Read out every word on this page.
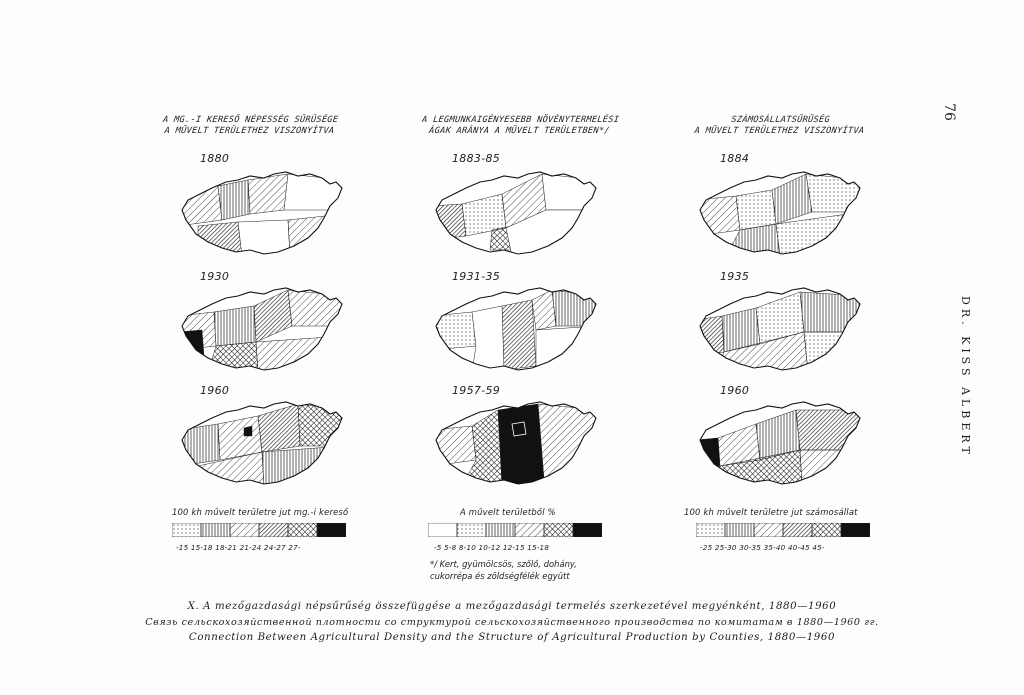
A MG.-I KERESŐ NÉPESSÉG SŰRŰSÉGE
A MŰVELT TERÜLETHEZ VISZONYÍTVA
A LEGMUNKAIGÉNYESEBB NÖVÉNYTERMELÉSI
ÁGAK ARÁNYA A MŰVELT TERÜLETBEN*/
SZÁMOSÁLLATSŰRŰSÉG
A MŰVELT TERÜLETHEZ VISZONYÍTVA
1880
1930
1960
1883-85
1931-35
1957-59
1884
1935
1960
100 kh művelt területre jut mg.-i kereső
-15 15-18 18-21 21-24 24-27 27-
A művelt területből %
-5 5-8 8-10 10-12 12-15 15-18
*/ Kert, gyümölcsös, szőlő, dohány,
cukorrépa és zöldségfélék együtt
100 kh művelt területre jut számosállat
-25 25-30 30-35 35-40 40-45 45-
X. A mezőgazdasági népsűrűség összefüggése a mezőgazdasági termelés szerkezetével megyénként, 1880—1960
Связь сельскохозяйственной плотности со структурой сельскохозяйственного производства по комитатам в 1880—1960 гг.
Connection Between Agricultural Density and the Structure of Agricultural Production by Counties, 1880—1960
76
DR. KISS ALBERT
